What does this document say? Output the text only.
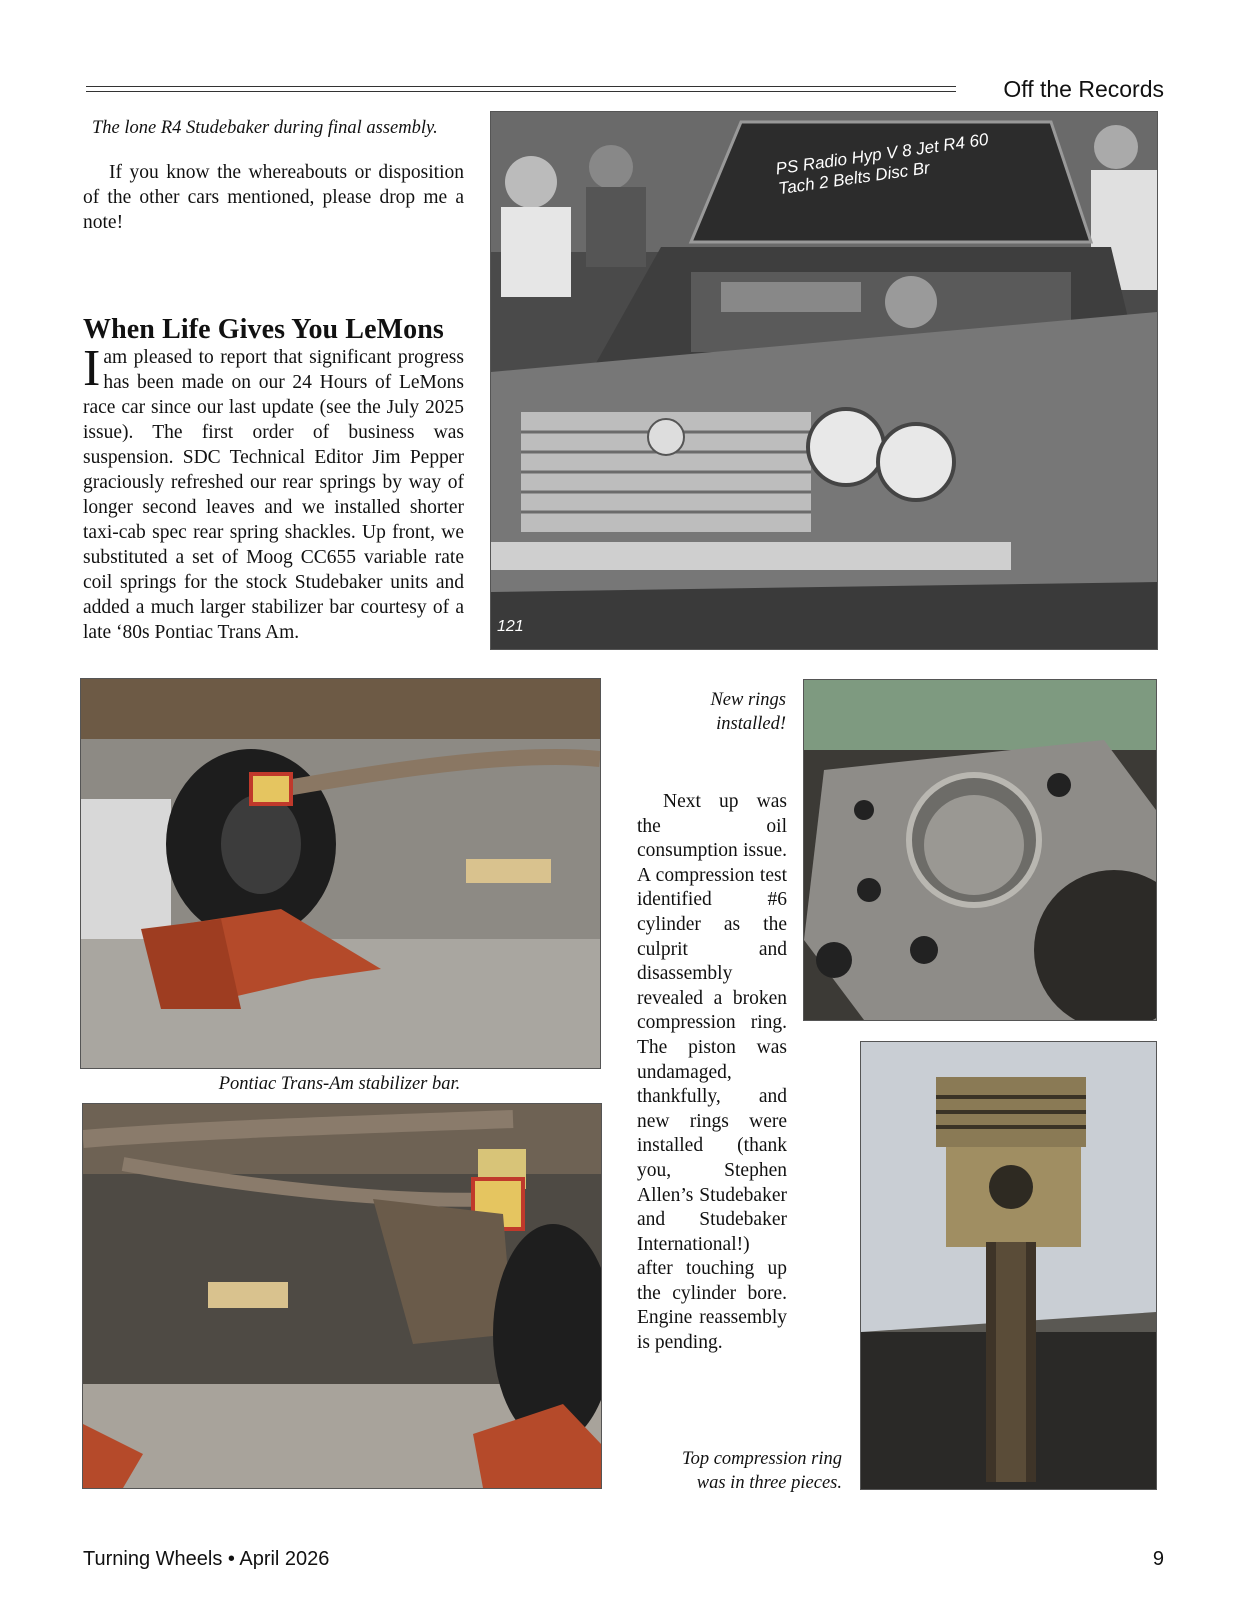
Off the Records
The lone R4 Studebaker during final assembly.
If you know the whereabouts or disposition of the other cars mentioned, please drop me a note!
When Life Gives You LeMons
Iam pleased to report that significant progress has been made on our 24 Hours of LeMons race car since our last update (see the July 2025 issue). The first order of business was suspension. SDC Technical Editor Jim Pepper graciously refreshed our rear springs by way of longer second leaves and we installed shorter taxi-cab spec rear spring shackles. Up front, we substituted a set of Moog CC655 variable rate coil springs for the stock Studebaker units and added a much larger stabilizer bar courtesy of a late ‘80s Pontiac Trans Am.
PS Radio Hyp V 8 Jet R4 60 Tach 2 Belts Disc Br
121
Pontiac Trans-Am stabilizer bar.
New rings
installed!
Next up was the oil consumption issue. A compression test identified #6 cylinder as the culprit and disassembly revealed a broken compression ring. The piston was undamaged, thankfully, and new rings were installed (thank you, Stephen Allen’s Studebaker and Studebaker International!) after touching up the cylinder bore. Engine reassembly is pending.
Top compression ring
was in three pieces.
Turning Wheels • April 2026	9
